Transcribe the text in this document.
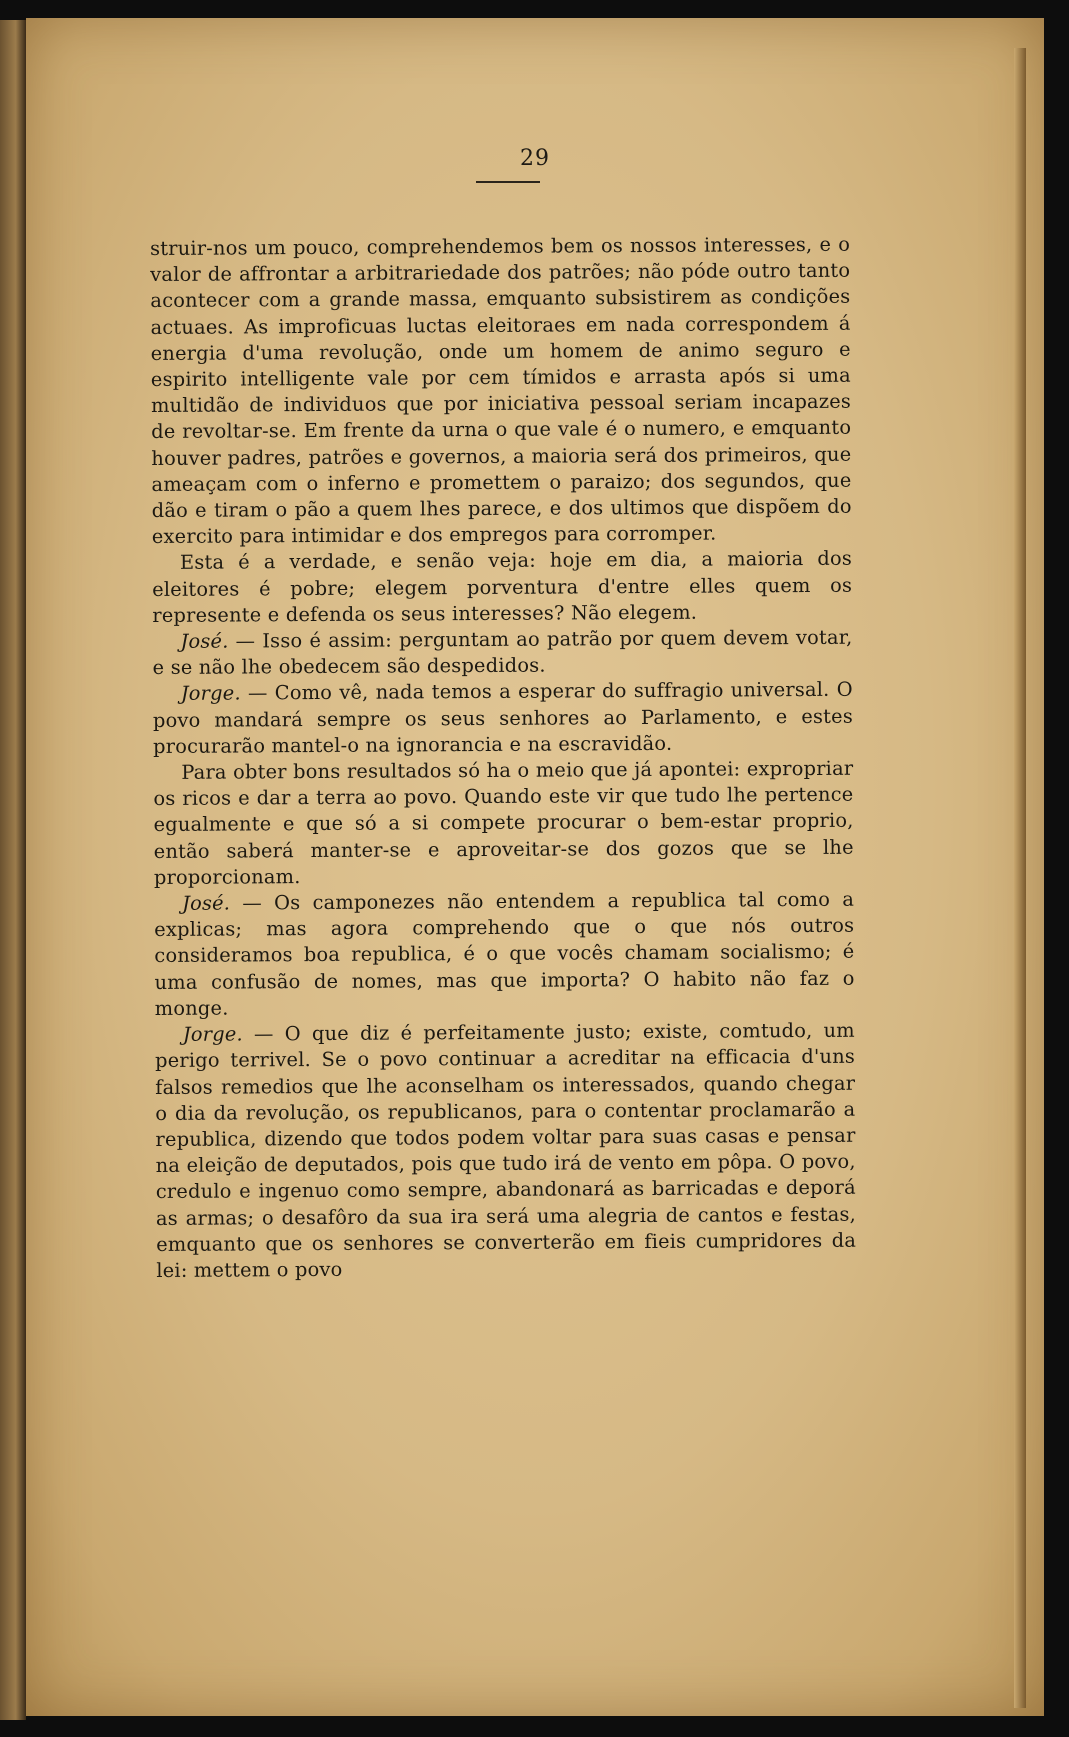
29

struir-nos um pouco, comprehendemos bem os nossos interesses, e o valor de affrontar a arbitrariedade dos patrões; não póde outro tanto acontecer com a grande massa, emquanto subsistirem as condições actuaes. As improficuas luctas eleitoraes em nada correspondem á energia d'uma revolução, onde um homem de animo seguro e espirito intelligente vale por cem tímidos e arrasta após si uma multidão de individuos que por iniciativa pessoal seriam incapazes de revoltar-se. Em frente da urna o que vale é o numero, e emquanto houver padres, patrões e governos, a maioria será dos primeiros, que ameaçam com o inferno e promettem o paraizo; dos segundos, que dão e tiram o pão a quem lhes parece, e dos ultimos que dispõem do exercito para intimidar e dos empregos para corromper.

Esta é a verdade, e senão veja: hoje em dia, a maioria dos eleitores é pobre; elegem porventura d'entre elles quem os represente e defenda os seus interesses? Não elegem.

José. — Isso é assim: perguntam ao patrão por quem devem votar, e se não lhe obedecem são despedidos.

Jorge. — Como vê, nada temos a esperar do suffragio universal. O povo mandará sempre os seus senhores ao Parlamento, e estes procurarão mantel-o na ignorancia e na escravidão.

Para obter bons resultados só ha o meio que já apontei: expropriar os ricos e dar a terra ao povo. Quando este vir que tudo lhe pertence egualmente e que só a si compete procurar o bem-estar proprio, então saberá manter-se e aproveitar-se dos gozos que se lhe proporcionam.

José. — Os camponezes não entendem a republica tal como a explicas; mas agora comprehendo que o que nós outros consideramos boa republica, é o que vocês chamam socialismo; é uma confusão de nomes, mas que importa? O habito não faz o monge.

Jorge. — O que diz é perfeitamente justo; existe, comtudo, um perigo terrivel. Se o povo continuar a acreditar na efficacia d'uns falsos remedios que lhe aconselham os interessados, quando chegar o dia da revolução, os republicanos, para o contentar proclamarão a republica, dizendo que todos podem voltar para suas casas e pensar na eleição de deputados, pois que tudo irá de vento em pôpa. O povo, credulo e ingenuo como sempre, abandonará as barricadas e deporá as armas; o desafôro da sua ira será uma alegria de cantos e festas, emquanto que os senhores se converterão em fieis cumpridores da lei: mettem o povo
